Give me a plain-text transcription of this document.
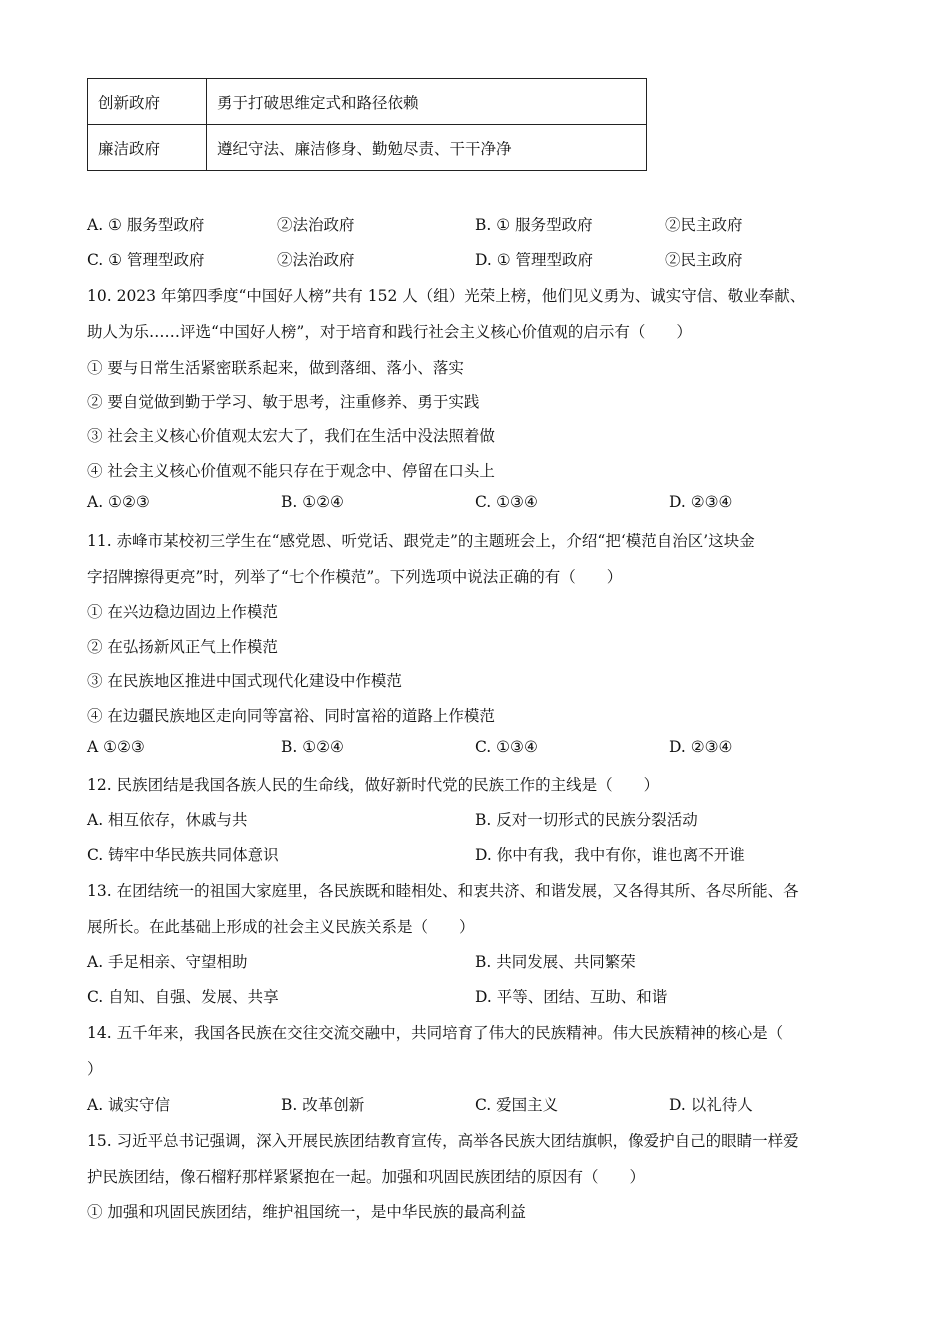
创新政府	勇于打破思维定式和路径依赖
廉洁政府	遵纪守法、廉洁修身、勤勉尽责、干干净净
A. ① 服务型政府	②法治政府	B. ① 服务型政府	②民主政府
C. ① 管理型政府	②法治政府	D. ① 管理型政府	②民主政府
10. 2023 年第四季度“中国好人榜”共有 152 人（组）光荣上榜，他们见义勇为、诚实守信、敬业奉献、
助人为乐……评选“中国好人榜”，对于培育和践行社会主义核心价值观的启示有（　　）
① 要与日常生活紧密联系起来，做到落细、落小、落实
② 要自觉做到勤于学习、敏于思考，注重修养、勇于实践
③ 社会主义核心价值观太宏大了，我们在生活中没法照着做
④ 社会主义核心价值观不能只存在于观念中、停留在口头上
A. ①②③	B. ①②④	C. ①③④	D. ②③④
11. 赤峰市某校初三学生在“感党恩、听党话、跟党走”的主题班会上，介绍“把‘模范自治区’这块金
字招牌擦得更亮”时，列举了“七个作模范”。下列选项中说法正确的有（　　）
① 在兴边稳边固边上作模范
② 在弘扬新风正气上作模范
③ 在民族地区推进中国式现代化建设中作模范
④ 在边疆民族地区走向同等富裕、同时富裕的道路上作模范
A ①②③	B. ①②④	C. ①③④	D. ②③④
12. 民族团结是我国各族人民的生命线，做好新时代党的民族工作的主线是（　　）
A. 相互依存，休戚与共	B. 反对一切形式的民族分裂活动
C. 铸牢中华民族共同体意识	D. 你中有我，我中有你，谁也离不开谁
13. 在团结统一的祖国大家庭里，各民族既和睦相处、和衷共济、和谐发展，又各得其所、各尽所能、各
展所长。在此基础上形成的社会主义民族关系是（　　）
A. 手足相亲、守望相助	B. 共同发展、共同繁荣
C. 自知、自强、发展、共享	D. 平等、团结、互助、和谐
14. 五千年来，我国各民族在交往交流交融中，共同培育了伟大的民族精神。伟大民族精神的核心是（
）
A. 诚实守信	B. 改革创新	C. 爱国主义	D. 以礼待人
15. 习近平总书记强调，深入开展民族团结教育宣传，高举各民族大团结旗帜，像爱护自己的眼睛一样爱
护民族团结，像石榴籽那样紧紧抱在一起。加强和巩固民族团结的原因有（　　）
① 加强和巩固民族团结，维护祖国统一，是中华民族的最高利益
